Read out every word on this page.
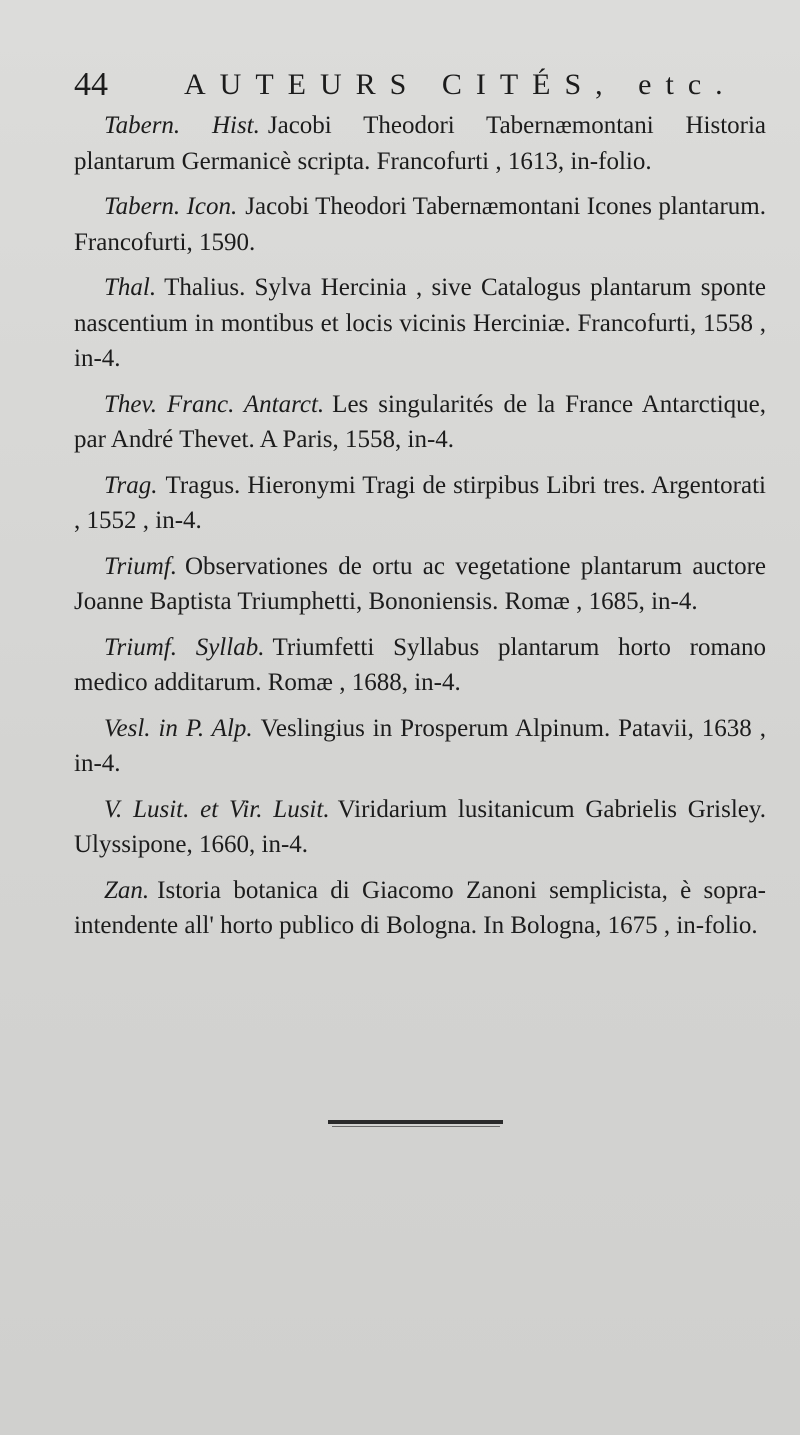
44	AUTEURS CITÉS, etc.

Tabern. Hist. Jacobi Theodori Tabernæmontani Historia plantarum Germanicè scripta. Francofurti , 1613, in-folio.

Tabern. Icon. Jacobi Theodori Tabernæmontani Icones plantarum. Francofurti, 1590.

Thal. Thalius. Sylva Hercinia , sive Catalogus plantarum sponte nascentium in montibus et locis vicinis Herciniæ. Francofurti, 1558 , in-4.

Thev. Franc. Antarct. Les singularités de la France Antarctique, par André Thevet. A Paris, 1558, in-4.

Trag. Tragus. Hieronymi Tragi de stirpibus Libri tres. Argentorati , 1552 , in-4.

Triumf. Observationes de ortu ac vegetatione plantarum auctore Joanne Baptista Triumphetti, Bononiensis. Romæ , 1685, in-4.

Triumf. Syllab. Triumfetti Syllabus plantarum horto romano medico additarum. Romæ , 1688, in-4.

Vesl. in P. Alp. Veslingius in Prosperum Alpinum. Patavii, 1638 , in-4.

V. Lusit. et Vir. Lusit. Viridarium lusitanicum Gabrielis Grisley. Ulyssipone, 1660, in-4.

Zan. Istoria botanica di Giacomo Zanoni semplicista, è sopra-intendente all' horto publico di Bologna. In Bologna, 1675 , in-folio.
